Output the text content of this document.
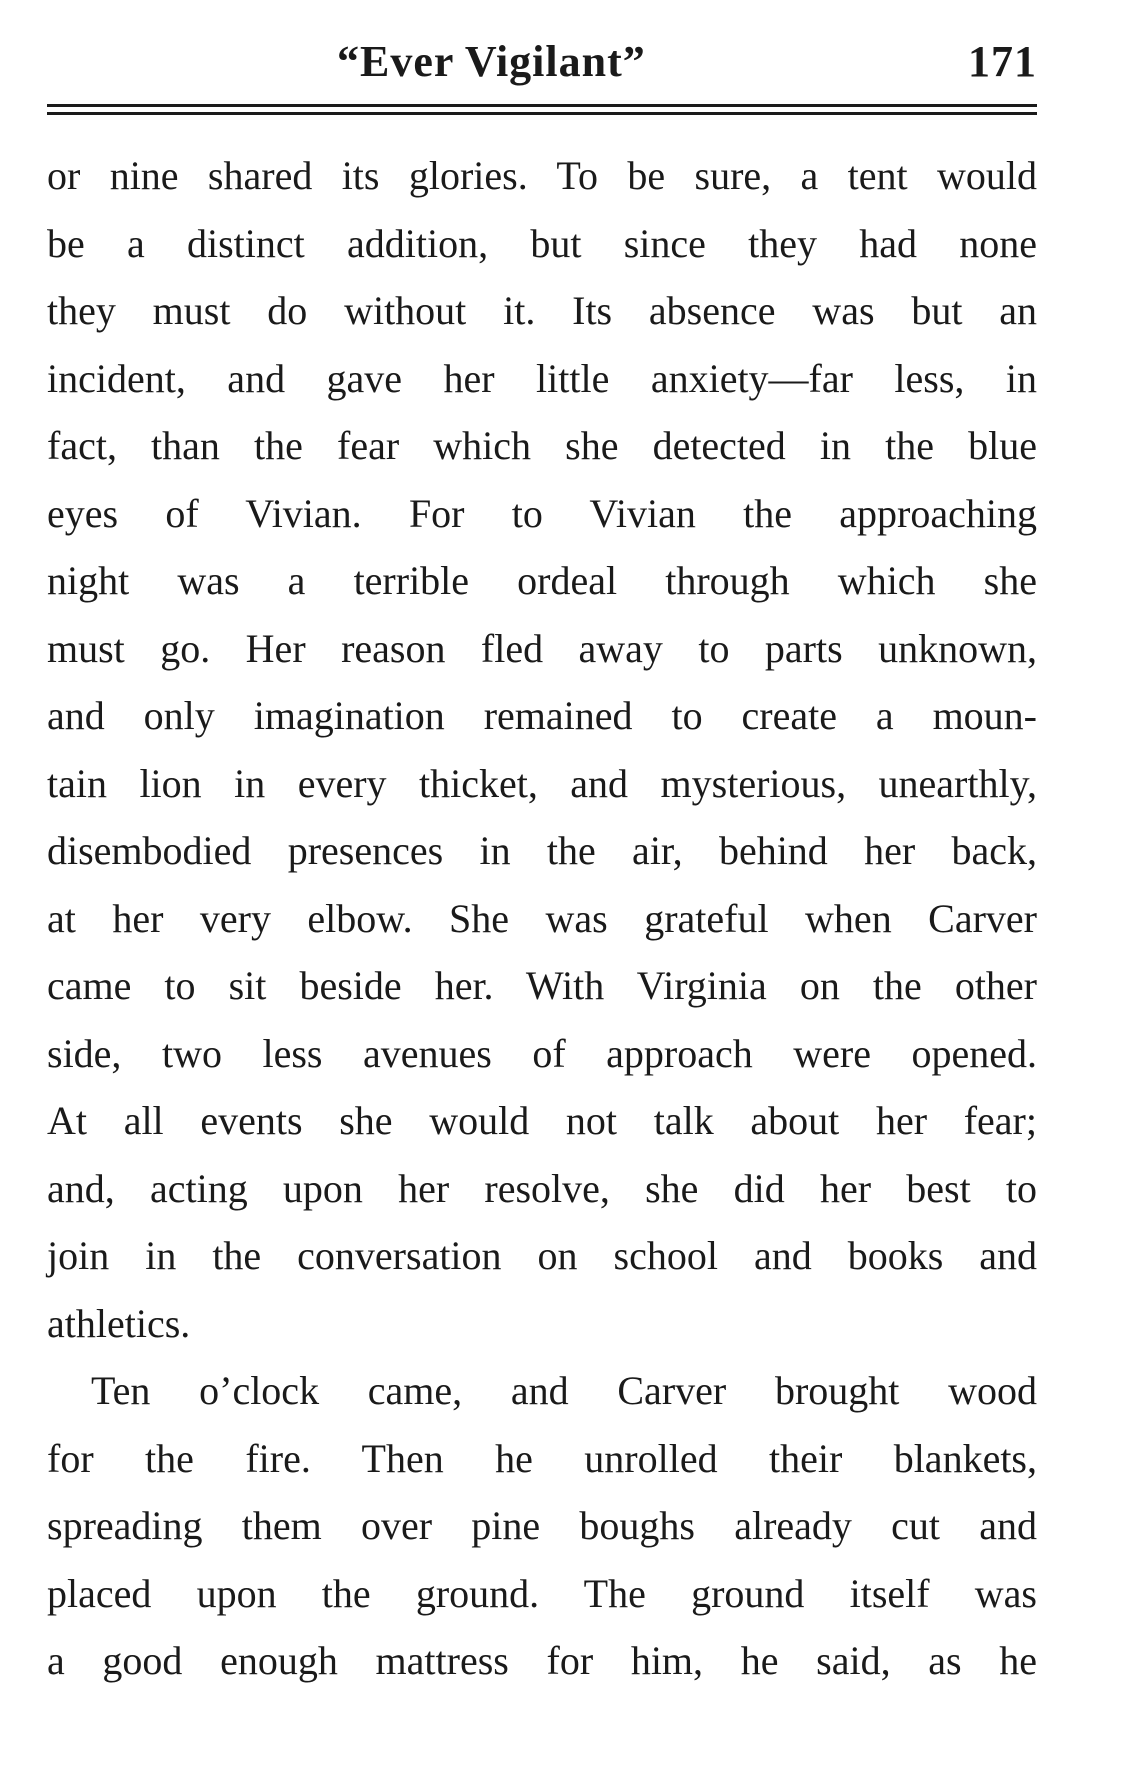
“Ever Vigilant”	171
or nine shared its glories. To be sure, a tent would
be a distinct addition, but since they had none
they must do without it. Its absence was but an
incident, and gave her little anxiety—far less, in
fact, than the fear which she detected in the blue
eyes of Vivian. For to Vivian the approaching
night was a terrible ordeal through which she
must go. Her reason fled away to parts unknown,
and only imagination remained to create a moun-
tain lion in every thicket, and mysterious, unearthly,
disembodied presences in the air, behind her back,
at her very elbow. She was grateful when Carver
came to sit beside her. With Virginia on the other
side, two less avenues of approach were opened.
At all events she would not talk about her fear;
and, acting upon her resolve, she did her best to
join in the conversation on school and books and
athletics.
Ten o’clock came, and Carver brought wood
for the fire. Then he unrolled their blankets,
spreading them over pine boughs already cut and
placed upon the ground. The ground itself was
a good enough mattress for him, he said, as he
